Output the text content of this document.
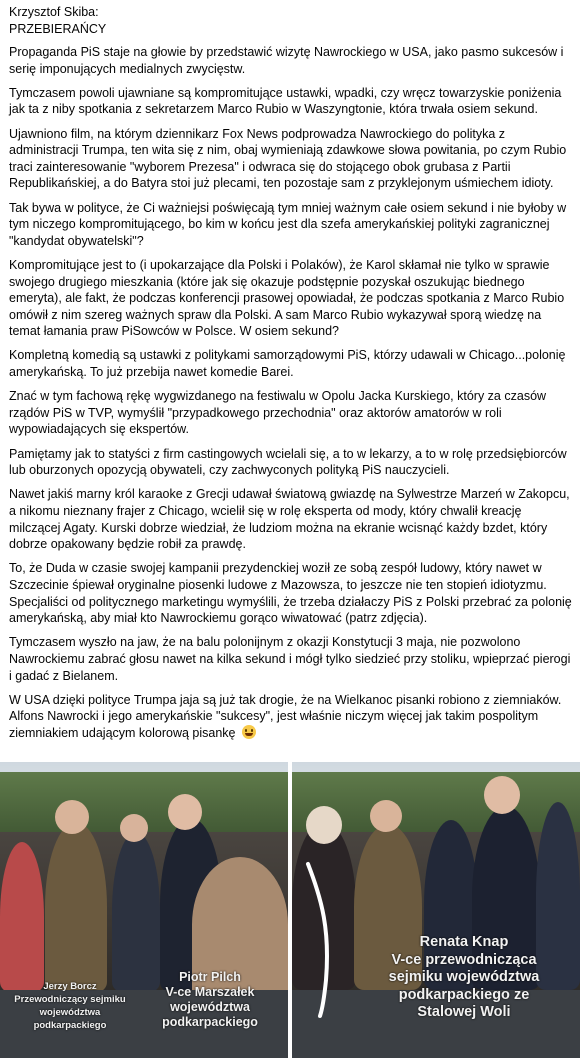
Krzysztof Skiba:
PRZEBIERAŃCY

Propaganda PiS staje na głowie by przedstawić wizytę Nawrockiego w USA, jako pasmo sukcesów i serię imponujących medialnych zwycięstw.

Tymczasem powoli ujawniane są kompromitujące ustawki, wpadki, czy wręcz towarzyskie poniżenia jak ta z niby spotkania z sekretarzem Marco Rubio w Waszyngtonie, która trwała osiem sekund.

Ujawniono film, na którym dziennikarz Fox News podprowadza Nawrockiego do polityka z administracji Trumpa, ten wita się z nim, obaj wymieniają zdawkowe słowa powitania, po czym Rubio traci zainteresowanie "wyborem Prezesa" i odwraca się do stojącego obok grubasa z Partii Republikańskiej, a do Batyra stoi już plecami, ten pozostaje sam z przyklejonym uśmiechem idioty.

Tak bywa w polityce, że Ci ważniejsi poświęcają tym mniej ważnym całe osiem sekund i nie byłoby w tym niczego kompromitującego, bo kim w końcu jest dla szefa amerykańskiej polityki zagranicznej "kandydat obywatelski"?

Kompromitujące jest to (i upokarzające dla Polski i Polaków), że Karol skłamał nie tylko w sprawie swojego drugiego mieszkania (które jak się okazuje podstępnie pozyskał oszukując biednego emeryta), ale fakt, że podczas konferencji prasowej opowiadał, że podczas spotkania z Marco Rubio omówił z nim szereg ważnych spraw dla Polski. A sam Marco Rubio wykazywał sporą wiedzę na temat łamania praw PiSowców w Polsce. W osiem sekund?

Kompletną komedią są ustawki z politykami samorządowymi PiS, którzy udawali w Chicago...polonię amerykańską. To już przebija nawet komedie Barei.

Znać w tym fachową rękę wygwizdanego na festiwalu w Opolu Jacka Kurskiego, który za czasów rządów PiS w TVP, wymyślił "przypadkowego przechodnia" oraz aktorów amatorów w roli wypowiadających się ekspertów.

Pamiętamy jak to statyści z firm castingowych wcielali się, a to w lekarzy, a to w rolę przedsiębiorców lub oburzonych opozycją obywateli, czy zachwyconych polityką PiS nauczycieli.

Nawet jakiś marny król karaoke z Grecji udawał światową gwiazdę na Sylwestrze Marzeń w Zakopcu, a nikomu nieznany frajer z Chicago, wcielił się w rolę eksperta od mody, który chwalił kreację milczącej Agaty. Kurski dobrze wiedział, że ludziom można na ekranie wcisnąć każdy bzdet, który dobrze opakowany będzie robił za prawdę.

To, że Duda w czasie swojej kampanii prezydenckiej woził ze sobą zespół ludowy, który nawet w Szczecinie śpiewał oryginalne piosenki ludowe z Mazowsza, to jeszcze nie ten stopień idiotyzmu. Specjaliści od politycznego marketingu wymyślili, że trzeba działaczy PiS z Polski przebrać za polonię amerykańską, aby miał kto Nawrockiemu gorąco wiwatować (patrz zdjęcia).

Tymczasem wyszło na jaw, że na balu polonijnym z okazji Konstytucji 3 maja, nie pozwolono Nawrockiemu zabrać głosu nawet na kilka sekund i mógł tylko siedzieć przy stoliku, wpieprzać pierogi i gadać z Bielanem.

W USA dzięki polityce Trumpa jaja są już tak drogie, że na Wielkanoc pisanki robiono z ziemniaków. Alfons Nawrocki i jego amerykańskie "sukcesy", jest właśnie niczym więcej jak takim pospolitym ziemniakiem udającym kolorową pisankę

Jerzy Borcz
Przewodniczący sejmiku
województwa
podkarpackiego
Piotr Pilch
V-ce Marszałek
województwa
podkarpackiego
Renata Knap
V-ce przewodnicząca
sejmiku województwa
podkarpackiego ze
Stalowej Woli
